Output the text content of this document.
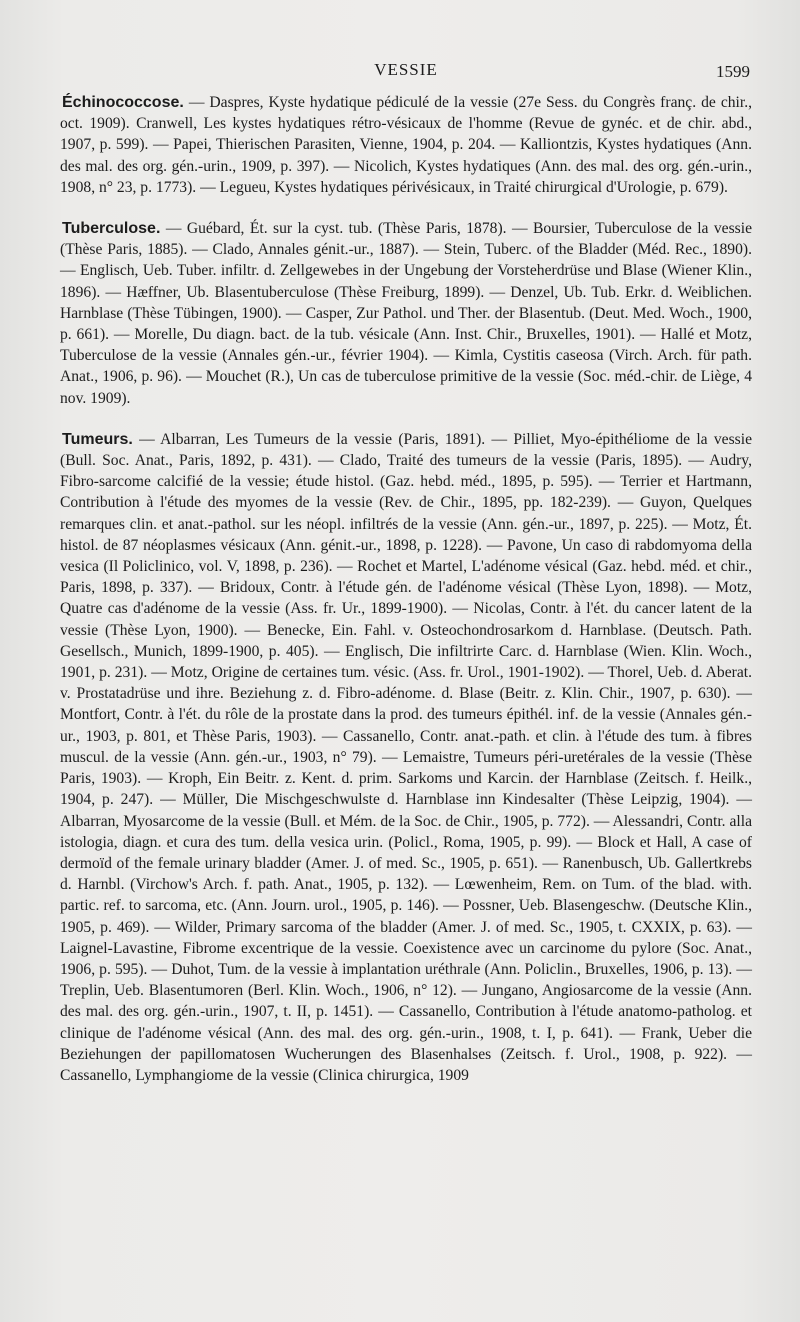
VESSIE	1599
Échinococcose. — Daspres, Kyste hydatique pédiculé de la vessie (27e Sess. du Congrès franç. de chir., oct. 1909). Cranwell, Les kystes hydatiques rétro-vésicaux de l'homme (Revue de gynéc. et de chir. abd., 1907, p. 599). — Papei, Thierischen Parasiten, Vienne, 1904, p. 204. — Kalliontzis, Kystes hydatiques (Ann. des mal. des org. gén.-urin., 1909, p. 397). — Nicolich, Kystes hydatiques (Ann. des mal. des org. gén.-urin., 1908, n° 23, p. 1773). — Legueu, Kystes hydatiques périvésicaux, in Traité chirurgical d'Urologie, p. 679).
Tuberculose. — Guébard, Ét. sur la cyst. tub. (Thèse Paris, 1878). — Boursier, Tuberculose de la vessie (Thèse Paris, 1885). — Clado, Annales génit.-ur., 1887). — Stein, Tuberc. of the Bladder (Méd. Rec., 1890). — Englisch, Ueb. Tuber. infiltr. d. Zellgewebes in der Ungebung der Vorsteherdrüse und Blase (Wiener Klin., 1896). — Hæffner, Ub. Blasentuberculose (Thèse Freiburg, 1899). — Denzel, Ub. Tub. Erkr. d. Weiblichen. Harnblase (Thèse Tübingen, 1900). — Casper, Zur Pathol. und Ther. der Blasentub. (Deut. Med. Woch., 1900, p. 661). — Morelle, Du diagn. bact. de la tub. vésicale (Ann. Inst. Chir., Bruxelles, 1901). — Hallé et Motz, Tuberculose de la vessie (Annales gén.-ur., février 1904). — Kimla, Cystitis caseosa (Virch. Arch. für path. Anat., 1906, p. 96). — Mouchet (R.), Un cas de tuberculose primitive de la vessie (Soc. méd.-chir. de Liège, 4 nov. 1909).
Tumeurs. — Albarran, Les Tumeurs de la vessie (Paris, 1891). — Pilliet, Myo-épithéliome de la vessie (Bull. Soc. Anat., Paris, 1892, p. 431). — Clado, Traité des tumeurs de la vessie (Paris, 1895). — Audry, Fibro-sarcome calcifié de la vessie; étude histol. (Gaz. hebd. méd., 1895, p. 595). — Terrier et Hartmann, Contribution à l'étude des myomes de la vessie (Rev. de Chir., 1895, pp. 182-239). — Guyon, Quelques remarques clin. et anat.-pathol. sur les néopl. infiltrés de la vessie (Ann. gén.-ur., 1897, p. 225). — Motz, Ét. histol. de 87 néoplasmes vésicaux (Ann. génit.-ur., 1898, p. 1228). — Pavone, Un caso di rabdomyoma della vesica (Il Policlinico, vol. V, 1898, p. 236). — Rochet et Martel, L'adénome vésical (Gaz. hebd. méd. et chir., Paris, 1898, p. 337). — Bridoux, Contr. à l'étude gén. de l'adénome vésical (Thèse Lyon, 1898). — Motz, Quatre cas d'adénome de la vessie (Ass. fr. Ur., 1899-1900). — Nicolas, Contr. à l'ét. du cancer latent de la vessie (Thèse Lyon, 1900). — Benecke, Ein. Fahl. v. Osteochondrosarkom d. Harnblase. (Deutsch. Path. Gesellsch., Munich, 1899-1900, p. 405). — Englisch, Die infiltrirte Carc. d. Harnblase (Wien. Klin. Woch., 1901, p. 231). — Motz, Origine de certaines tum. vésic. (Ass. fr. Urol., 1901-1902). — Thorel, Ueb. d. Aberat. v. Prostatadrüse und ihre. Beziehung z. d. Fibro-adénome. d. Blase (Beitr. z. Klin. Chir., 1907, p. 630). — Montfort, Contr. à l'ét. du rôle de la prostate dans la prod. des tumeurs épithél. inf. de la vessie (Annales gén.-ur., 1903, p. 801, et Thèse Paris, 1903). — Cassanello, Contr. anat.-path. et clin. à l'étude des tum. à fibres muscul. de la vessie (Ann. gén.-ur., 1903, n° 79). — Lemaistre, Tumeurs péri-uretérales de la vessie (Thèse Paris, 1903). — Kroph, Ein Beitr. z. Kent. d. prim. Sarkoms und Karcin. der Harnblase (Zeitsch. f. Heilk., 1904, p. 247). — Müller, Die Mischgeschwulste d. Harnblase inn Kindesalter (Thèse Leipzig, 1904). — Albarran, Myosarcome de la vessie (Bull. et Mém. de la Soc. de Chir., 1905, p. 772). — Alessandri, Contr. alla istologia, diagn. et cura des tum. della vesica urin. (Policl., Roma, 1905, p. 99). — Block et Hall, A case of dermoïd of the female urinary bladder (Amer. J. of med. Sc., 1905, p. 651). — Ranenbusch, Ub. Gallertkrebs d. Harnbl. (Virchow's Arch. f. path. Anat., 1905, p. 132). — Lœwenheim, Rem. on Tum. of the blad. with. partic. ref. to sarcoma, etc. (Ann. Journ. urol., 1905, p. 146). — Possner, Ueb. Blasengeschw. (Deutsche Klin., 1905, p. 469). — Wilder, Primary sarcoma of the bladder (Amer. J. of med. Sc., 1905, t. CXXIX, p. 63). — Laignel-Lavastine, Fibrome excentrique de la vessie. Coexistence avec un carcinome du pylore (Soc. Anat., 1906, p. 595). — Duhot, Tum. de la vessie à implantation uréthrale (Ann. Policlin., Bruxelles, 1906, p. 13). — Treplin, Ueb. Blasentumoren (Berl. Klin. Woch., 1906, n° 12). — Jungano, Angiosarcome de la vessie (Ann. des mal. des org. gén.-urin., 1907, t. II, p. 1451). — Cassanello, Contribution à l'étude anatomo-patholog. et clinique de l'adénome vésical (Ann. des mal. des org. gén.-urin., 1908, t. I, p. 641). — Frank, Ueber die Beziehungen der papillomatosen Wucherungen des Blasenhalses (Zeitsch. f. Urol., 1908, p. 922). — Cassanello, Lymphangiome de la vessie (Clinica chirurgica, 1909
